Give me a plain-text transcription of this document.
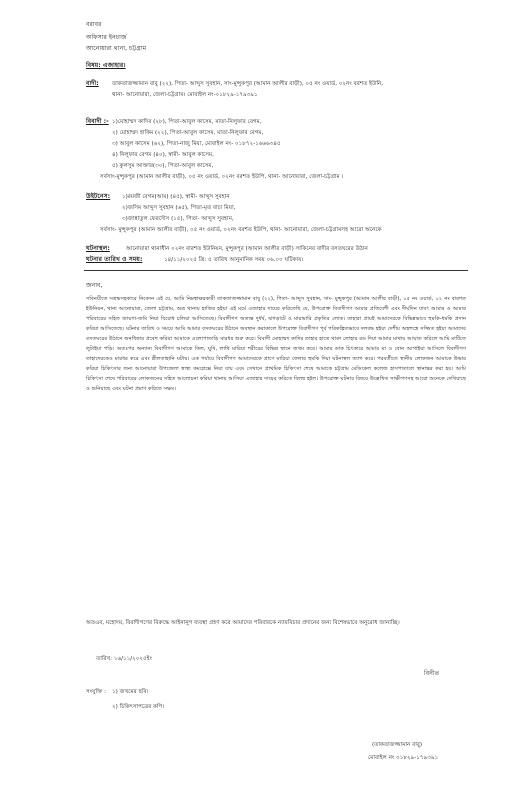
বরাবর
অফিসার ইনচার্জ
আনোয়ারা থানা, চট্টগ্রাম
বিষয়: এজাহার।
বাদী: তাকতাজজ্জামান বাবু (২২), পিতা- আব্দুস সুবহান, সাং-মুন্সুকপুর (আমান আলীর বাড়ী), ০৫ নং ওয়ার্ড, ০২নং বরশত ইউনি,
থানা- আনোয়ারা, জেলা-চট্টগ্রাম। মোবাইল নং-০১৮২৯-১৭৯৩৯১
বিবাদী :- ১)মোহাম্মদ কাদির (২৮), পিতা-আবুল কাসেম, মাতা-নিলুফার বেগম,
২) মোহাম্মদ হাকিম (২২), পিতা-আবুল কাসেম, মাতা-নিলুফার বেগম,
৩) আবুল কাসেম (৬২), পিতা-নাজু মিয়া, মোবাইল নং- ০১৮৭২-১৬৬৬৩৪৫
৪) নিলুফার বেগম (৪০), স্বামী- আবুল কাসেম,
৫) কুলসুম আক্তার(৩০), পিতা-আবুল কাসেম,
সর্বসাং-মুন্সুকপুর (আমান আলীর বাড়ী), ০৫ নং ওয়ার্ড, ০২নং বরশত ইউপি, থানা- আনোয়ারা, জেলা-চট্টগ্রাম ।
উইটনেস: ১)রমজী বেগম(আম) (৪৫), স্বামী- আব্দুস সুবহান
২)জসিম আব্দুস সুবহান (৬৫), পিতা-মৃত বাচা মিয়া,
৩)জান্নাতুল ফেরদৌস (১৫), পিতা- আব্দুস সুবহান,
সর্বসাং- মুন্সুকপুর (আমান আলীর বাড়ী), ০৫ নং ওয়ার্ড, ০২নং বরশত ইউপি, থানা- আনোয়ারা, জেলা-চট্টগ্রামসহ আরো অনেকে
ঘটনাস্থল:	আনোয়ারা থানাধীন ০২নং বারশত ইউনিয়ন, মুন্সুকপুর (আমান আলীর বাড়ী) সাকিনের বাদীর বসতঘরের উঠান
ঘটনার তারিখ ও সময়:	১৪/১১/২০২৫ খ্রি: ৫ তারিখ আনুমানিক সময় ০৬.০০ ঘটিকায়।
জনাব,
সবিনয়ীতে সশ্রদ্ধসহকারে নিবেদন এই যে, আমি নিম্নস্বাক্ষরকারী তাকতাজজ্জামান বাবু (২২), পিতা- আব্দুস সুবহান, সাং- মুন্সুকপুর (আমান আলীর বাড়ী), ০৫ নং ওয়ার্ড, ০২ নং বারশত ইউনিয়ন, থানা আনোয়ারা, জেলা চট্টগ্রাম, অত্র থানায় হাজির হইয়া এই মর্মে এজাহার দায়ের করিতেছি যে, উপরোক্ত বিবাদীগণ আমার প্রতিবেশী এবং দীর্ঘদিন যাবৎ আমার ও আমার পরিবারের সহিত জায়গা-জমি নিয়া বিরোধ চলিয়া আসিতেছে। বিবাদীগণ অত্যন্ত দুর্ধর্ষ, ঝগড়াটে ও মারামারি প্রকৃতির লোক। তাহারা প্রায়ই আমাদেরকে বিভিন্নভাবে হুমকি-ধমকি প্রদান করিয়া আসিতেছে। ঘটনার তারিখ ও সময়ে আমি আমার বসতঘরের উঠানে অবস্থান করাকালে উপরোক্ত বিবাদীগণ পূর্ব পরিকল্পিতভাবে দলবদ্ধ হইয়া দেশীয় অস্ত্রশস্ত্রে সজ্জিত হইয়া আমাদের বসতঘরের উঠানে অনধিকার প্রবেশ করিয়া আমাকে এলোপাতাড়ি মারধর শুরু করে। বিবাদী মোহাম্মদ কাদির তাহার হাতে থাকা লোহার রড দিয়া আমার মাথায় আঘাত করিলে আমি মাটিতে লুটাইয়া পড়ি। অতঃপর অন্যান্য বিবাদীগণ আমাকে কিল, ঘুষি, লাথি মারিয়া শরীরের বিভিন্ন স্থানে জখম করে। আমার ডাক চিৎকারে আমার মা ও বোন আগাইয়া আসিলে বিবাদীগণ তাহাদেরকেও মারধর করে এবং শ্লীলতাহানি ঘটায়। এক পর্যায়ে বিবাদীগণ আমাদেরকে প্রাণে মারিয়া ফেলার হুমকি দিয়া ঘটনাস্থল ত্যাগ করে। পরবর্তীতে স্থানীয় লোকজন আমাকে উদ্ধার করিয়া চিকিৎসার জন্য আনোয়ারা উপজেলা স্বাস্থ্য কমপ্লেক্সে নিয়া যায় এবং সেখানে প্রাথমিক চিকিৎসা শেষে আমাকে চট্টগ্রাম মেডিকেল কলেজ হাসপাতালে স্থানান্তর করা হয়। আমি চিকিৎসা শেষে পরিবারের লোকজনের সহিত আলোচনা করিয়া থানায় আসিয়া এজাহার দায়ের করিতে বিলম্ব হইল। উপরোক্ত ঘটনার বিষয়ে উল্লেখিত সাক্ষীগণসহ আরো অনেকে দেখিয়াছে ও শুনিয়াছে এবং ঘটনা প্রমাণ করিতে সক্ষম।
অতএব, মহোদয়, বিবাদীগণের বিরুদ্ধে আইনানুগ ব্যবস্থা গ্রহণ করে আমাদের পরিবারকে ন্যায়বিচার প্রদানের জন্য বিশেষভাবে অনুরোধ জানাচ্ছি।
তারিখ: ১৬/১১/২০২৫ইং
বিনীত
সংযুক্তি : ১) জখমের ছবি।
২) চিকিৎসাপত্রের কপি।
(তাকতাজজ্জামান বাবু)
মোবাইল নং ০১৮২৯-১৭৯৩৯১
